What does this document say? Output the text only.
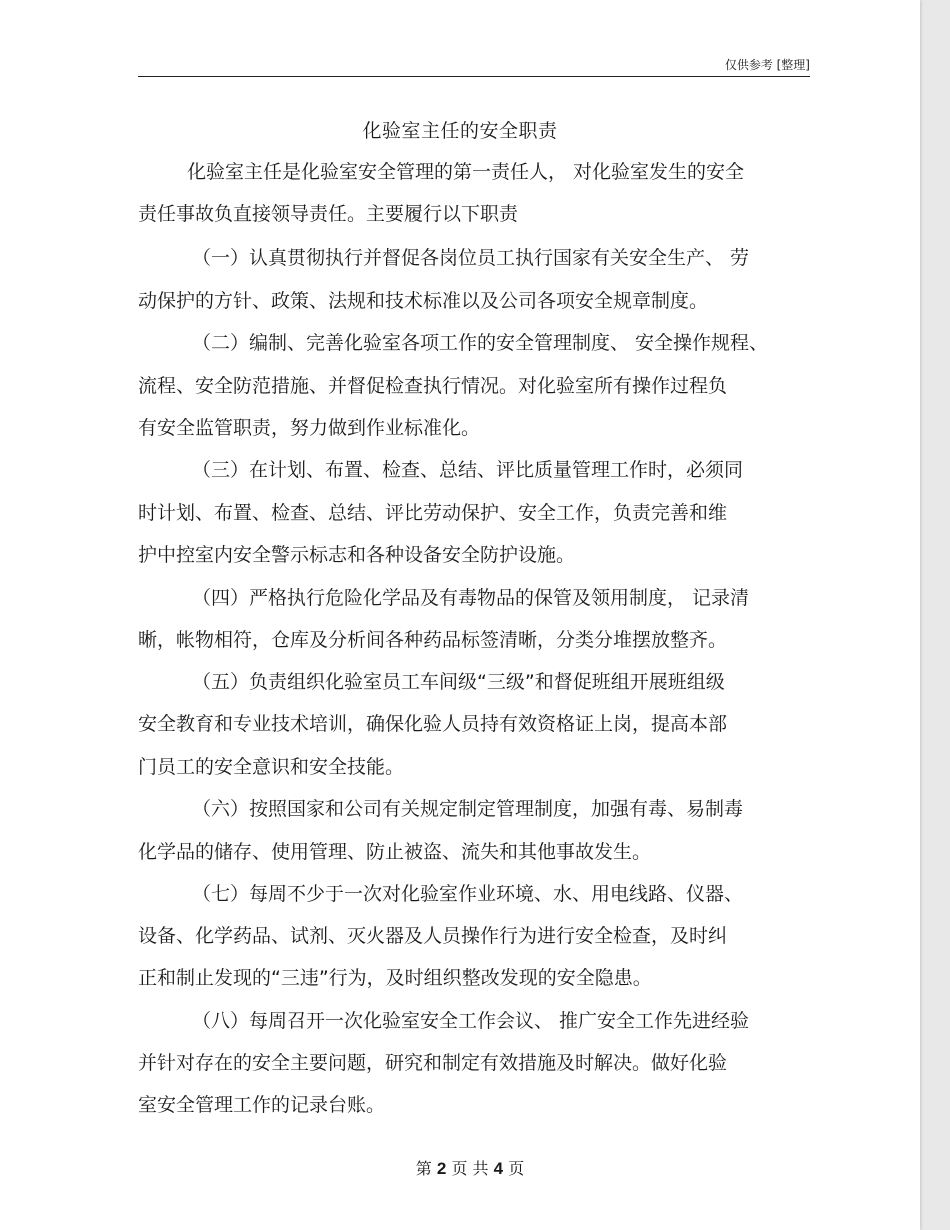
仅供参考 [整理]
化验室主任的安全职责
化验室主任是化验室安全管理的第一责任人， 对化验室发生的安全
责任事故负直接领导责任。主要履行以下职责
（一）认真贯彻执行并督促各岗位员工执行国家有关安全生产、 劳
动保护的方针、政策、法规和技术标准以及公司各项安全规章制度。
（二）编制、完善化验室各项工作的安全管理制度、 安全操作规程、
流程、安全防范措施、并督促检查执行情况。对化验室所有操作过程负
有安全监管职责，努力做到作业标准化。
（三）在计划、布置、检查、总结、评比质量管理工作时，必须同
时计划、布置、检查、总结、评比劳动保护、安全工作，负责完善和维
护中控室内安全警示标志和各种设备安全防护设施。
（四）严格执行危险化学品及有毒物品的保管及领用制度， 记录清
晰，帐物相符，仓库及分析间各种药品标签清晰，分类分堆摆放整齐。
（五）负责组织化验室员工车间级“三级”和督促班组开展班组级
安全教育和专业技术培训，确保化验人员持有效资格证上岗，提高本部
门员工的安全意识和安全技能。
（六）按照国家和公司有关规定制定管理制度，加强有毒、易制毒
化学品的储存、使用管理、防止被盗、流失和其他事故发生。
（七）每周不少于一次对化验室作业环境、水、用电线路、仪器、
设备、化学药品、试剂、灭火器及人员操作行为进行安全检查，及时纠
正和制止发现的“三违”行为，及时组织整改发现的安全隐患。
（八）每周召开一次化验室安全工作会议、 推广安全工作先进经验
并针对存在的安全主要问题，研究和制定有效措施及时解决。做好化验
室安全管理工作的记录台账。
第 2 页 共 4 页
